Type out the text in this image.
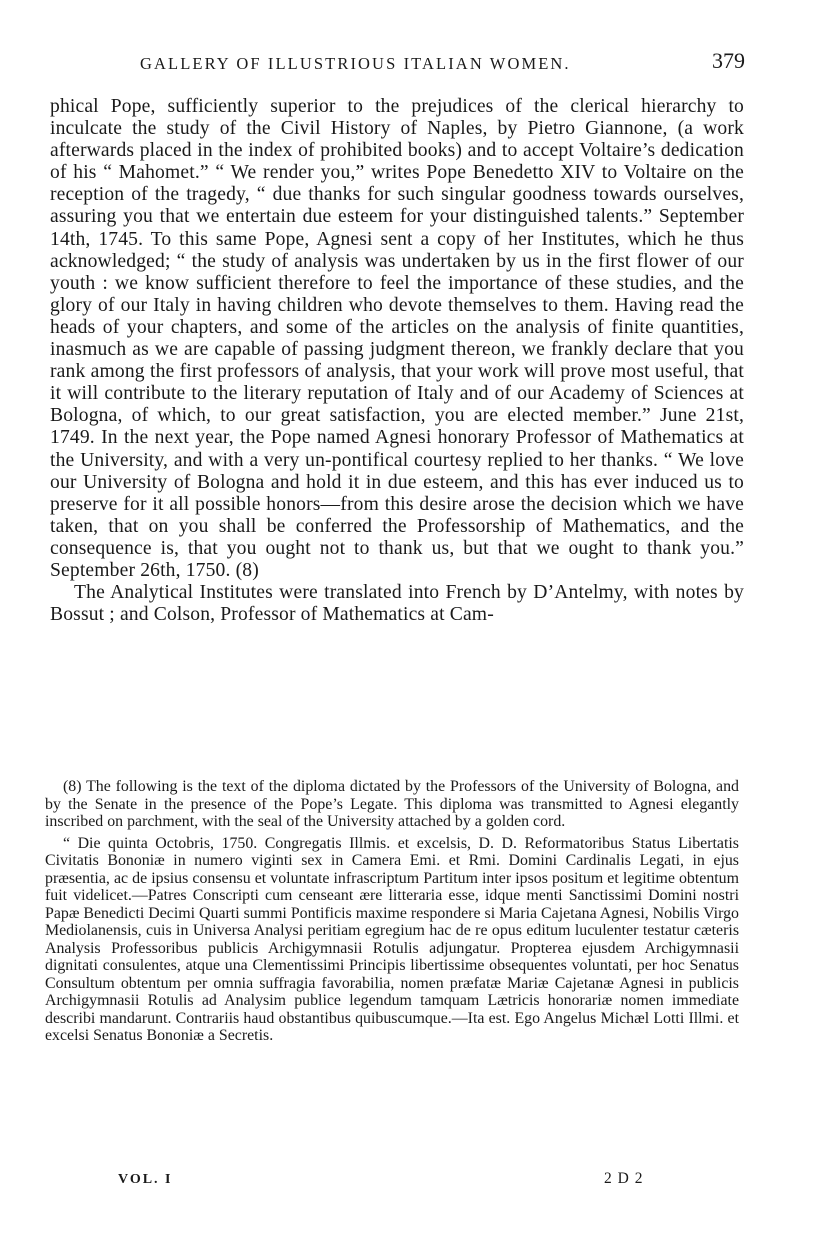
GALLERY OF ILLUSTRIOUS ITALIAN WOMEN.	379

phical Pope, sufficiently superior to the prejudices of the clerical hierarchy to inculcate the study of the Civil History of Naples, by Pietro Giannone, (a work afterwards placed in the index of prohibited books) and to accept Voltaire’s dedication of his “ Mahomet.” “ We render you,” writes Pope Benedetto XIV to Voltaire on the reception of the tragedy, “ due thanks for such singular goodness towards ourselves, assuring you that we entertain due esteem for your distinguished talents.” September 14th, 1745. To this same Pope, Agnesi sent a copy of her Institutes, which he thus acknowledged; “ the study of analysis was undertaken by us in the first flower of our youth : we know sufficient therefore to feel the importance of these studies, and the glory of our Italy in having children who devote themselves to them. Having read the heads of your chapters, and some of the articles on the analysis of finite quantities, inasmuch as we are capable of passing judgment thereon, we frankly declare that you rank among the first professors of analysis, that your work will prove most useful, that it will contribute to the literary reputation of Italy and of our Academy of Sciences at Bologna, of which, to our great satisfaction, you are elected member.” June 21st, 1749. In the next year, the Pope named Agnesi honorary Professor of Mathematics at the University, and with a very un-pontifical courtesy replied to her thanks. “ We love our University of Bologna and hold it in due esteem, and this has ever induced us to preserve for it all possible honors—from this desire arose the decision which we have taken, that on you shall be conferred the Professorship of Mathematics, and the consequence is, that you ought not to thank us, but that we ought to thank you.” September 26th, 1750. (8)

The Analytical Institutes were translated into French by D’Antelmy, with notes by Bossut ; and Colson, Professor of Mathematics at Cam-

(8) The following is the text of the diploma dictated by the Professors of the University of Bologna, and by the Senate in the presence of the Pope’s Legate. This diploma was transmitted to Agnesi elegantly inscribed on parchment, with the seal of the University attached by a golden cord.

“ Die quinta Octobris, 1750. Congregatis Illmis. et excelsis, D. D. Reformatoribus Status Libertatis Civitatis Bononiæ in numero viginti sex in Camera Emi. et Rmi. Domini Cardinalis Legati, in ejus præsentia, ac de ipsius consensu et voluntate infrascriptum Partitum inter ipsos positum et legitime obtentum fuit videlicet.—Patres Conscripti cum censeant ære litteraria esse, idque menti Sanctissimi Domini nostri Papæ Benedicti Decimi Quarti summi Pontificis maxime respondere si Maria Cajetana Agnesi, Nobilis Virgo Mediolanensis, cuis in Universa Analysi peritiam egregium hac de re opus editum luculenter testatur cæteris Analysis Professoribus publicis Archigymnasii Rotulis adjungatur. Propterea ejusdem Archigymnasii dignitati consulentes, atque una Clementissimi Principis libertissime obsequentes voluntati, per hoc Senatus Consultum obtentum per omnia suffragia favorabilia, nomen præfatæ Mariæ Cajetanæ Agnesi in publicis Archigymnasii Rotulis ad Analysim publice legendum tamquam Lætricis honorariæ nomen immediate describi mandarunt. Contrariis haud obstantibus quibuscumque.—Ita est. Ego Angelus Michæl Lotti Illmi. et excelsi Senatus Bononiæ a Secretis.

VOL. I	2 D 2
